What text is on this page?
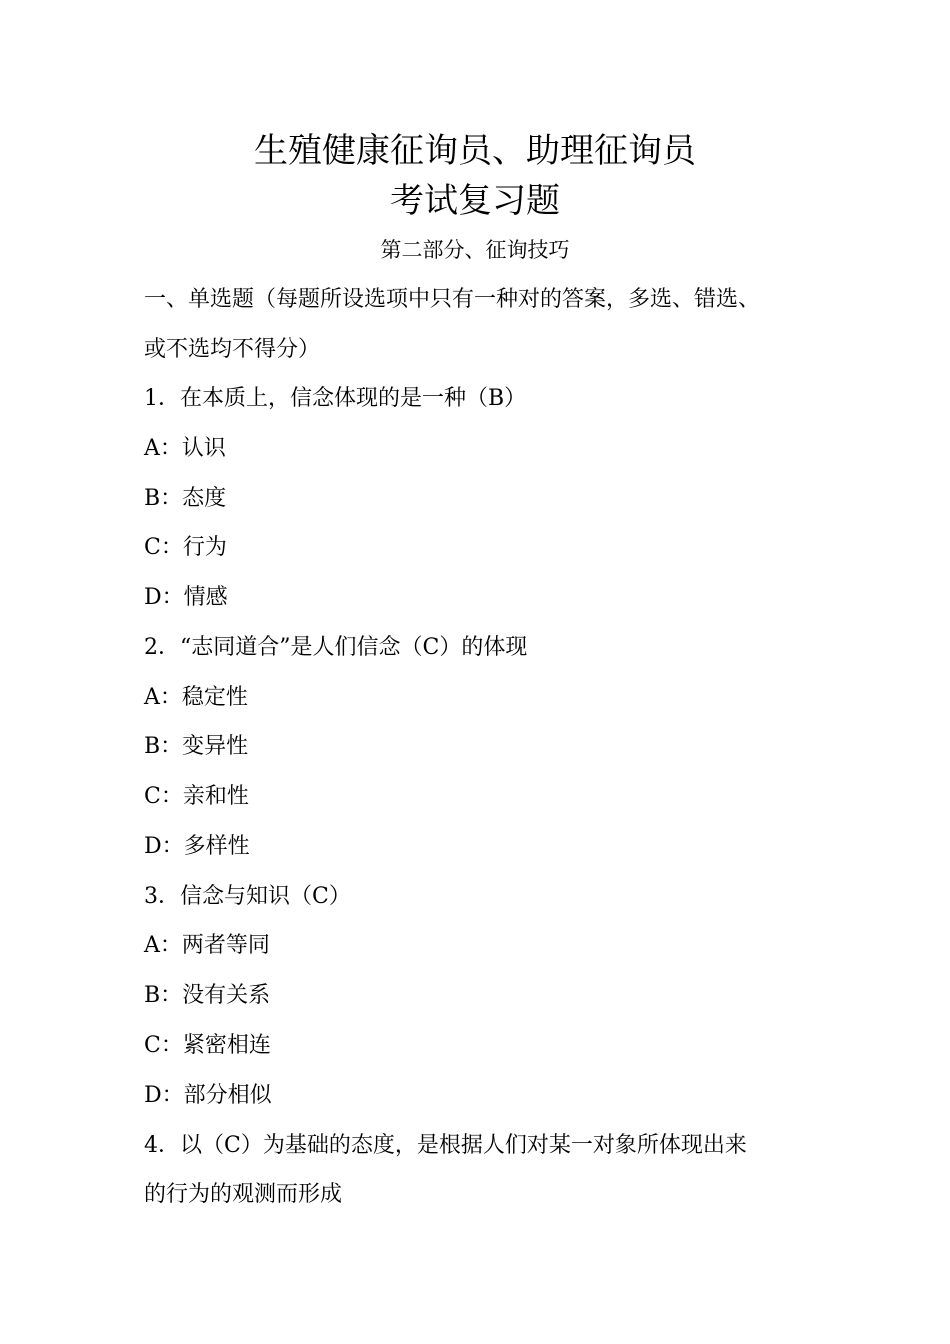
生殖健康征询员、助理征询员
考试复习题
第二部分、征询技巧
一、单选题（每题所设选项中只有一种对的答案，多选、错选、
或不选均不得分）
1．在本质上，信念体现的是一种（B）
A：认识
B：态度
C：行为
D：情感
2．“志同道合”是人们信念（C）的体现
A：稳定性
B：变异性
C：亲和性
D：多样性
3．信念与知识（C）
A：两者等同
B：没有关系
C：紧密相连
D：部分相似
4．以（C）为基础的态度，是根据人们对某一对象所体现出来
的行为的观测而形成
